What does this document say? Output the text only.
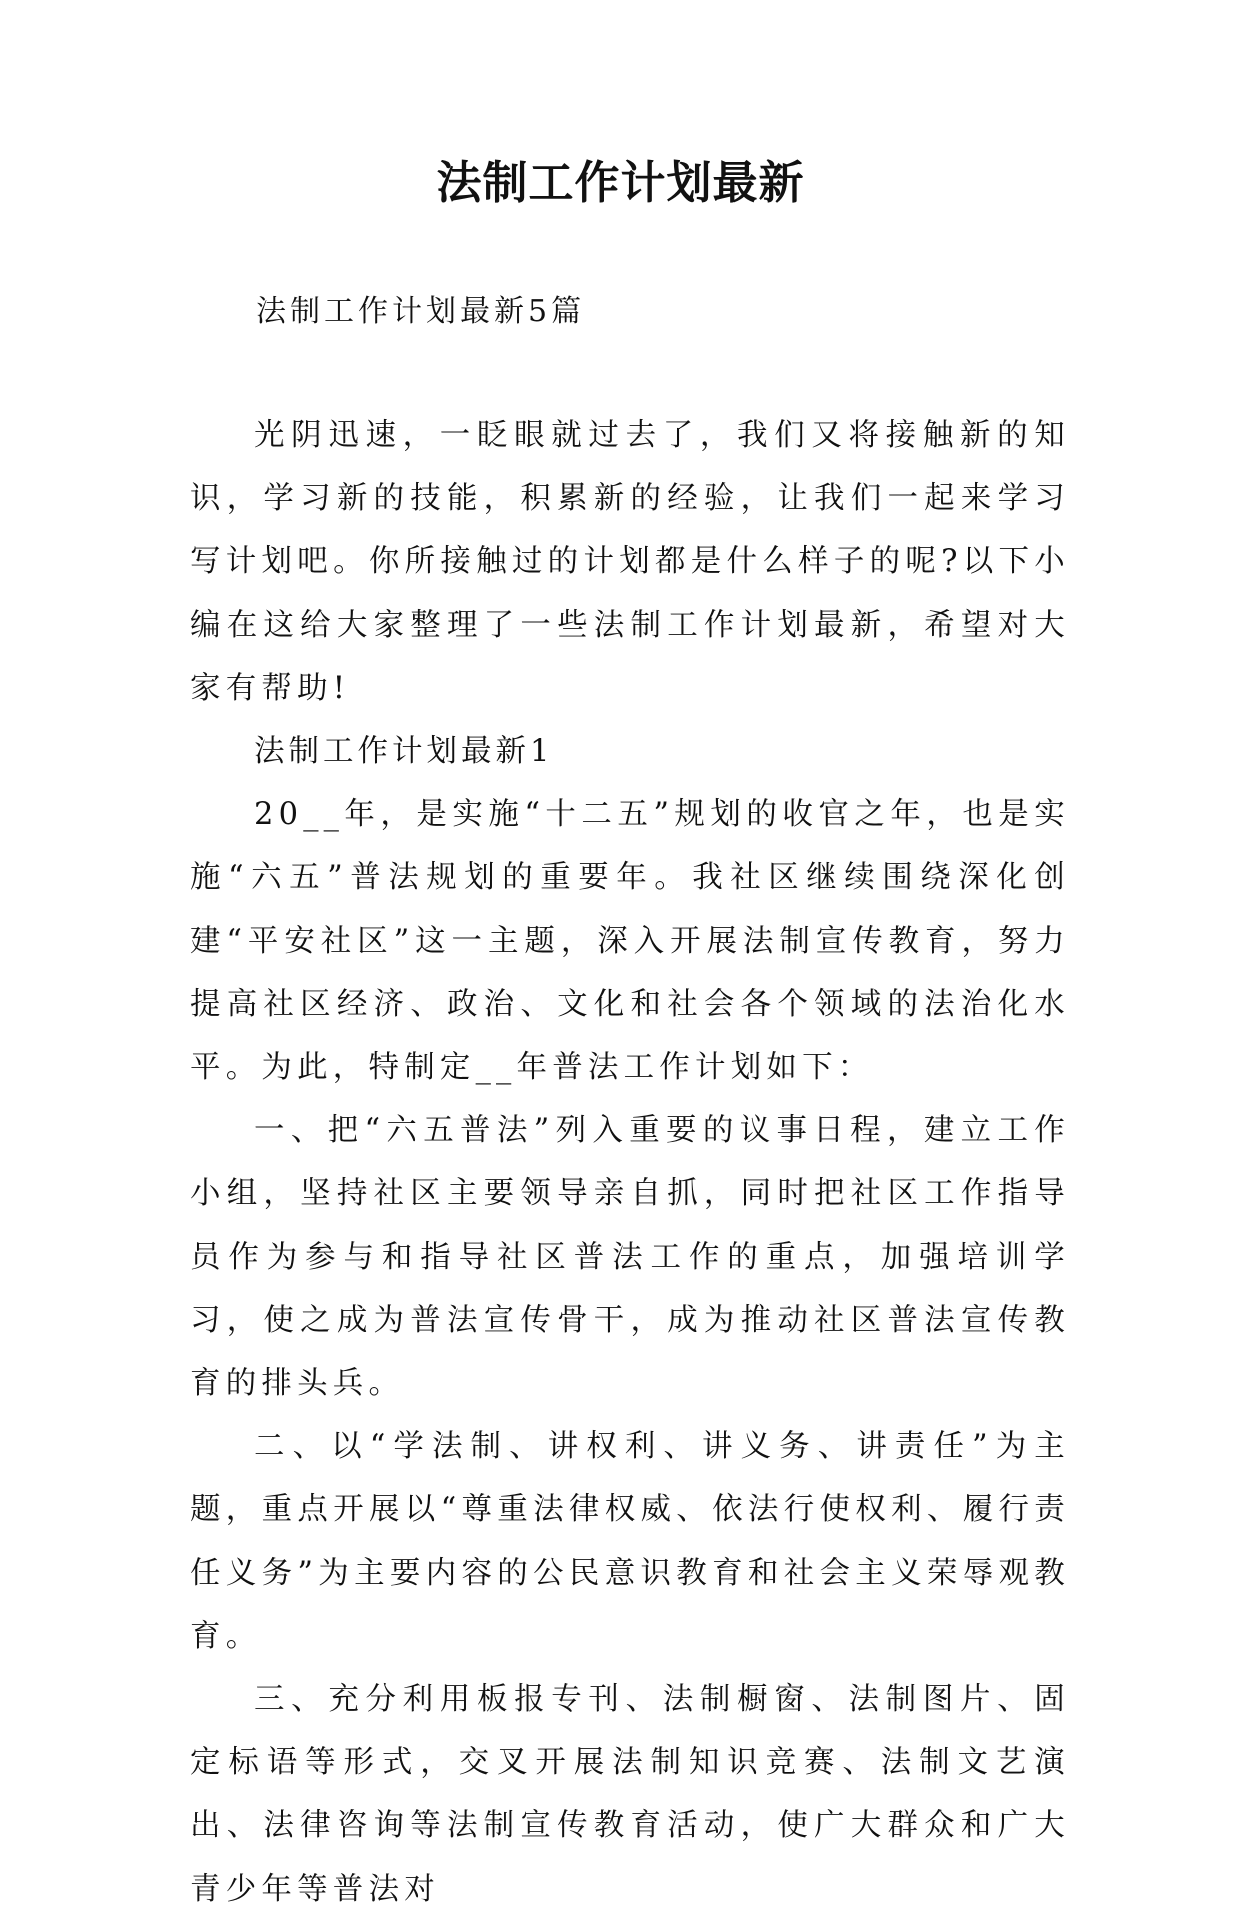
法制工作计划最新

法制工作计划最新5篇

光阴迅速，一眨眼就过去了，我们又将接触新的知识，学习新的技能，积累新的经验，让我们一起来学习写计划吧。你所接触过的计划都是什么样子的呢?以下小编在这给大家整理了一些法制工作计划最新，希望对大家有帮助!

法制工作计划最新1

20__年，是实施“十二五”规划的收官之年，也是实施“六五”普法规划的重要年。我社区继续围绕深化创建“平安社区”这一主题，深入开展法制宣传教育，努力提高社区经济、政治、文化和社会各个领域的法治化水平。为此，特制定__年普法工作计划如下：

一、把“六五普法”列入重要的议事日程，建立工作小组，坚持社区主要领导亲自抓，同时把社区工作指导员作为参与和指导社区普法工作的重点，加强培训学习，使之成为普法宣传骨干，成为推动社区普法宣传教育的排头兵。

二、以“学法制、讲权利、讲义务、讲责任”为主题，重点开展以“尊重法律权威、依法行使权利、履行责任义务”为主要内容的公民意识教育和社会主义荣辱观教育。

三、充分利用板报专刊、法制橱窗、法制图片、固定标语等形式，交叉开展法制知识竞赛、法制文艺演出、法律咨询等法制宣传教育活动，使广大群众和广大青少年等普法对
